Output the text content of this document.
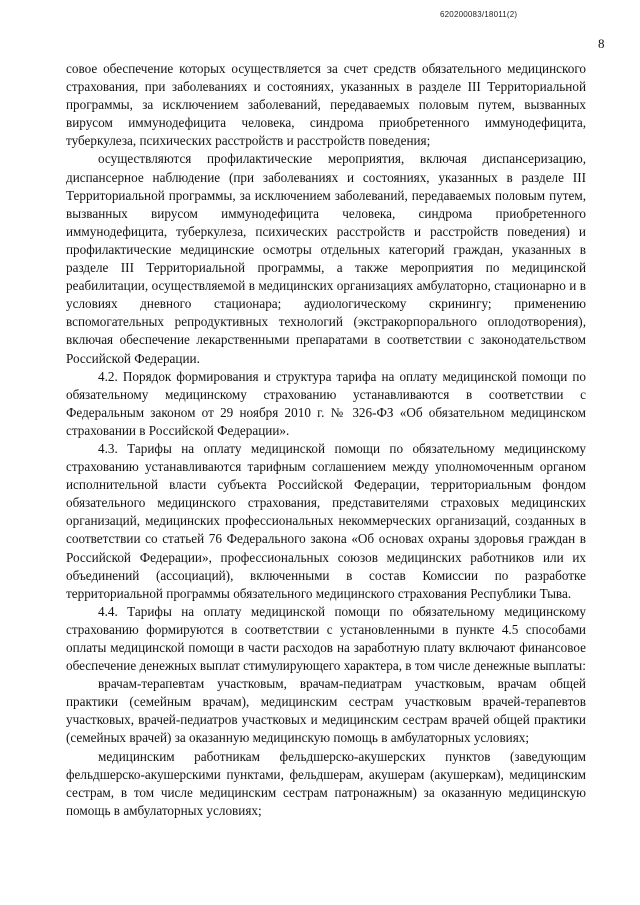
620200083/18011(2)
8

совое обеспечение которых осуществляется за счет средств обязательного медицинского страхования, при заболеваниях и состояниях, указанных в разделе III Территориальной программы, за исключением заболеваний, передаваемых половым путем, вызванных вирусом иммунодефицита человека, синдрома приобретенного иммунодефицита, туберкулеза, психических расстройств и расстройств поведения;

осуществляются профилактические мероприятия, включая диспансеризацию, диспансерное наблюдение (при заболеваниях и состояниях, указанных в разделе III Территориальной программы, за исключением заболеваний, передаваемых половым путем, вызванных вирусом иммунодефицита человека, синдрома приобретенного иммунодефицита, туберкулеза, психических расстройств и расстройств поведения) и профилактические медицинские осмотры отдельных категорий граждан, указанных в разделе III Территориальной программы, а также мероприятия по медицинской реабилитации, осуществляемой в медицинских организациях амбулаторно, стационарно и в условиях дневного стационара; аудиологическому скринингу; применению вспомогательных репродуктивных технологий (экстракорпорального оплодотворения), включая обеспечение лекарственными препаратами в соответствии с законодательством Российской Федерации.

4.2. Порядок формирования и структура тарифа на оплату медицинской помощи по обязательному медицинскому страхованию устанавливаются в соответствии с Федеральным законом от 29 ноября 2010 г. № 326-ФЗ «Об обязательном медицинском страховании в Российской Федерации».

4.3. Тарифы на оплату медицинской помощи по обязательному медицинскому страхованию устанавливаются тарифным соглашением между уполномоченным органом исполнительной власти субъекта Российской Федерации, территориальным фондом обязательного медицинского страхования, представителями страховых медицинских организаций, медицинских профессиональных некоммерческих организаций, созданных в соответствии со статьей 76 Федерального закона «Об основах охраны здоровья граждан в Российской Федерации», профессиональных союзов медицинских работников или их объединений (ассоциаций), включенными в состав Комиссии по разработке территориальной программы обязательного медицинского страхования Республики Тыва.

4.4. Тарифы на оплату медицинской помощи по обязательному медицинскому страхованию формируются в соответствии с установленными в пункте 4.5 способами оплаты медицинской помощи в части расходов на заработную плату включают финансовое обеспечение денежных выплат стимулирующего характера, в том числе денежные выплаты:

врачам-терапевтам участковым, врачам-педиатрам участковым, врачам общей практики (семейным врачам), медицинским сестрам участковым врачей-терапевтов участковых, врачей-педиатров участковых и медицинским сестрам врачей общей практики (семейных врачей) за оказанную медицинскую помощь в амбулаторных условиях;

медицинским работникам фельдшерско-акушерских пунктов (заведующим фельдшерско-акушерскими пунктами, фельдшерам, акушерам (акушеркам), медицинским сестрам, в том числе медицинским сестрам патронажным) за оказанную медицинскую помощь в амбулаторных условиях;
